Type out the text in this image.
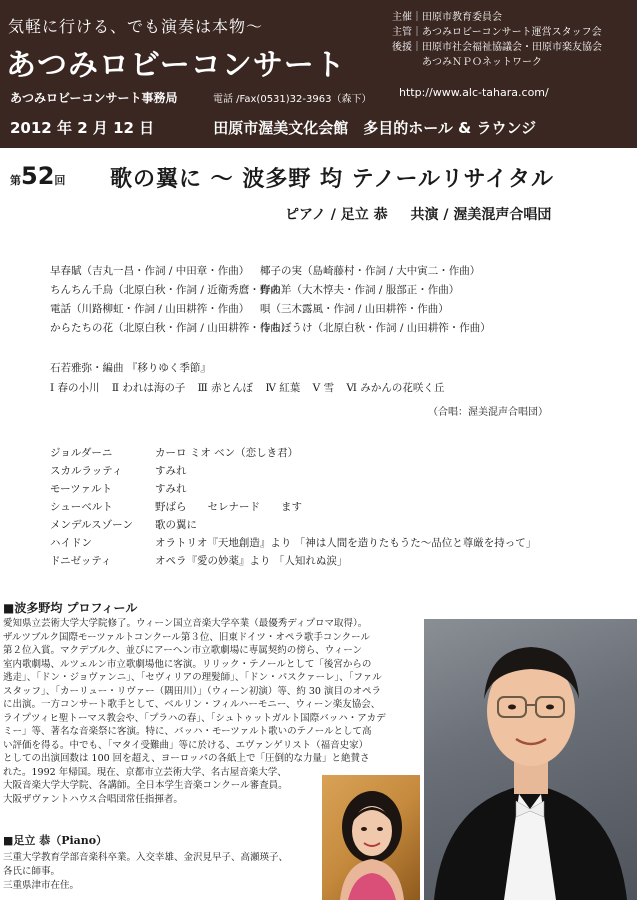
気軽に行ける、でも演奏は本物〜
あつみロビーコンサート
あつみロビーコンサート事務局	電話 /Fax(0531)32-3963（森下）
主催｜田原市教育委員会
主管｜あつみロビーコンサート運営スタッフ会
後援｜田原市社会福祉協議会・田原市楽友協会
あつみＮＰＯネットワーク
http://www.alc-tahara.com/
2012 年 2 月 12 日	田原市渥美文化会館　多目的ホール & ラウンジ
第52回 歌の翼に 〜 波多野 均 テノールリサイタル
ピアノ / 足立 恭 共演 / 渥美混声合唱団
早春賦（吉丸一昌・作詞 / 中田章・作曲） 椰子の実（島崎藤村・作詞 / 大中寅二・作曲）
ちんちん千鳥（北原白秋・作詞 / 近衛秀麿・作曲）野の羊（大木惇夫・作詞 / 服部正・作曲）
電話（川路柳虹・作詞 / 山田耕筰・作曲） 唄（三木露風・作詞 / 山田耕筰・作曲）
からたちの花（北原白秋・作詞 / 山田耕筰・作曲）待ちぼうけ（北原白秋・作詞 / 山田耕筰・作曲）
石若雅弥・編曲 『移りゆく季節』
Ⅰ 春の小川 Ⅱ われは海の子 Ⅲ 赤とんぼ Ⅳ 紅葉 Ⅴ 雪 Ⅵ みかんの花咲く丘
（合唱：渥美混声合唱団）
ジョルダーニ	カーロ ミオ ベン（恋しき君）
スカルラッティ	すみれ
モーツァルト	すみれ
シューベルト	野ばら　　セレナード　　ます
メンデルスゾーン 歌の翼に
ハイドン	オラトリオ『天地創造』より 「神は人間を造りたもうた〜品位と尊厳を持って」
ドニゼッティ	オペラ『愛の妙薬』より 「人知れぬ涙」
■波多野均 プロフィール
愛知県立芸術大学大学院修了。ウィーン国立音楽大学卒業（最優秀ディプロマ取得）。
ザルツブルク国際モーツァルトコンクール第３位、旧東ドイツ・オペラ歌手コンクール
第２位入賞。マクデブルク、並びにアーヘン市立歌劇場に専属契約の傍ら、ウィーン
室内歌劇場、ルツェルン市立歌劇場他に客演。リリック・テノールとして「後宮からの
逃走」、「ドン・ジョヴァンニ」、「セヴィリアの理髪師」、「ドン・パスクァーレ」、「ファル
スタッフ」、「カーリュー・リヴァー（隅田川）」（ウィーン初演）等、約 30 演目のオペラ
に出演。一方コンサート歌手として、ベルリン・フィルハーモニー、ウィーン楽友協会、
ライプツィヒ聖トーマス教会や、「プラハの春」、「シュトゥットガルト国際バッハ・アカデ
ミー」等、著名な音楽祭に客演。特に、バッハ・モーツァルト歌いのテノールとして高
い評価を得る。中でも、「マタイ受難曲」等に於ける、エヴァンゲリスト（福音史家）
としての出演回数は 100 回を超え、ヨーロッパの各紙上で「圧倒的な力量」と絶賛さ
れた。1992 年帰国。現在、京都市立芸術大学、名古屋音楽大学、
大阪音楽大学大学院、各講師。全日本学生音楽コンクール審査員。
大阪ザヴァントハウス合唱団常任指揮者。
■足立 恭（Piano）
三重大学教育学部音楽科卒業。入交幸雄、金沢見早子、高瀬瑛子、
各氏に師事。
三重県津市在住。
